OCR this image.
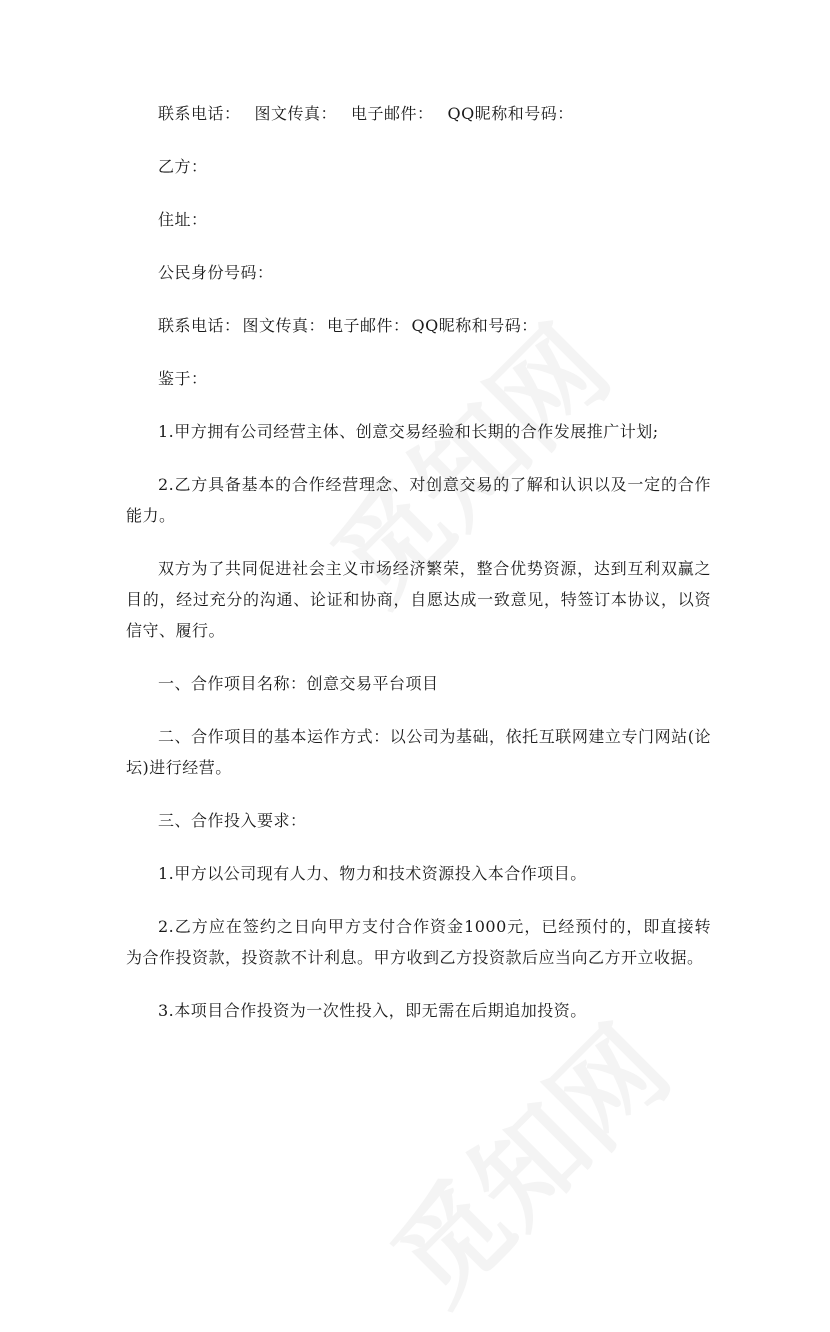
联系电话： 图文传真： 电子邮件： QQ昵称和号码：

乙方：

住址：

公民身份号码：

联系电话： 图文传真： 电子邮件： QQ昵称和号码：

鉴于：

1.甲方拥有公司经营主体、创意交易经验和长期的合作发展推广计划;

2.乙方具备基本的合作经营理念、对创意交易的了解和认识以及一定的合作能力。

双方为了共同促进社会主义市场经济繁荣，整合优势资源，达到互利双赢之目的，经过充分的沟通、论证和协商，自愿达成一致意见，特签订本协议，以资信守、履行。

一、合作项目名称：创意交易平台项目

二、合作项目的基本运作方式：以公司为基础，依托互联网建立专门网站(论坛)进行经营。

三、合作投入要求：

1.甲方以公司现有人力、物力和技术资源投入本合作项目。

2.乙方应在签约之日向甲方支付合作资金1000元，已经预付的，即直接转为合作投资款，投资款不计利息。甲方收到乙方投资款后应当向乙方开立收据。

3.本项目合作投资为一次性投入，即无需在后期追加投资。
